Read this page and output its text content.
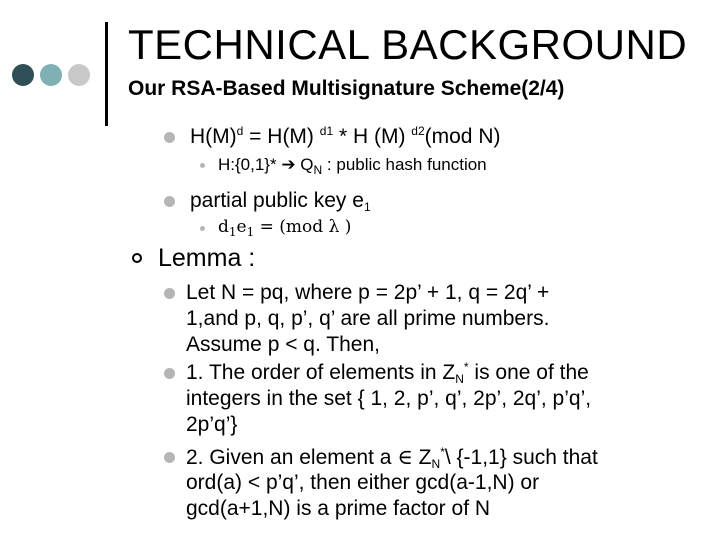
TECHNICAL BACKGROUND
Our RSA-Based Multisignature Scheme(2/4)
$H(M)^d = H(M)$ $^{d1}$ * H (M) $^{d2}$(mod N)
H:{0,1}* ➔ $Q_N$ : public hash function
partial public key $e_1$
$d_1e_1 = (mod$ λ )
Lemma :
Let N = pq, where p = 2p’ + 1, q = 2q’ +
1,and p, q, p’, q’ are all prime numbers.
Assume p < q. Then,
1. The order of elements in $Z_N^*$ is one of the
integers in the set { 1, 2, p’, q’, 2p’, 2q’, p’q’,
2p’q’}
2. Given an element a ∈ $Z_N^*\backslash$ {-1,1} such that
ord(a) < p’q’, then either gcd(a-1,N) or
gcd(a+1,N) is a prime factor of N
